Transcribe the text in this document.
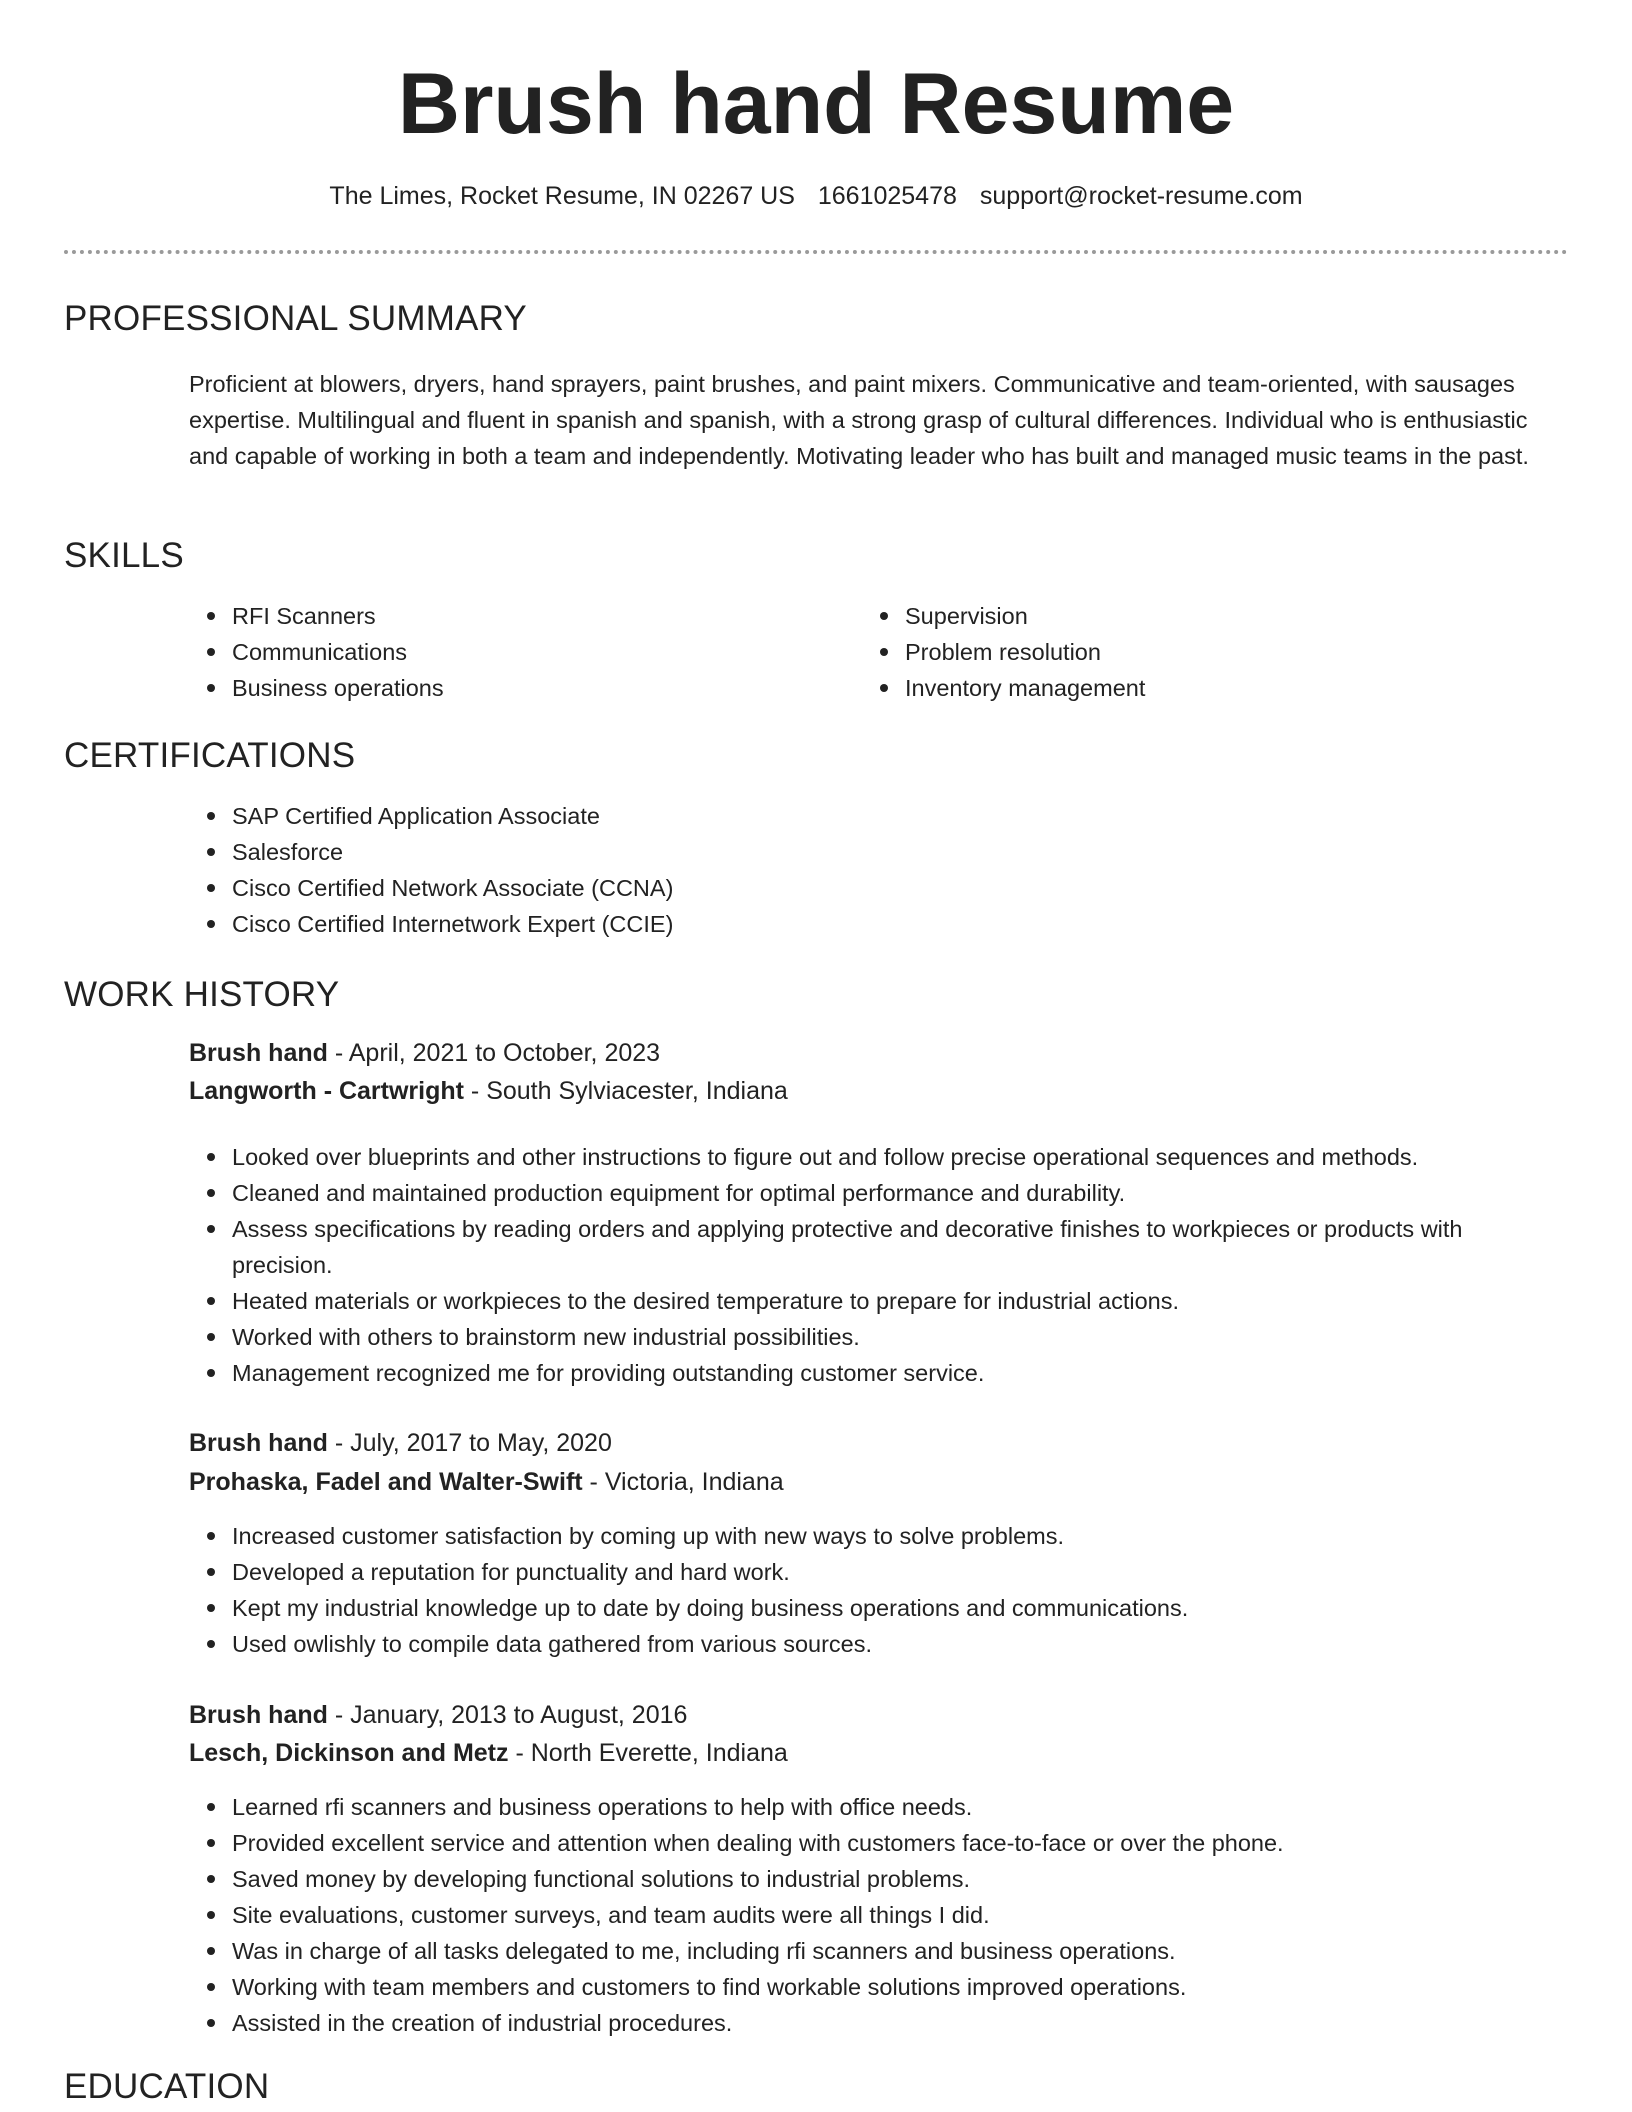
Brush hand Resume
The Limes, Rocket Resume, IN 02267 US 1661025478 support@rocket-resume.com
PROFESSIONAL SUMMARY

Proficient at blowers, dryers, hand sprayers, paint brushes, and paint mixers. Communicative and team-oriented, with sausages expertise. Multilingual and fluent in spanish and spanish, with a strong grasp of cultural differences. Individual who is enthusiastic and capable of working in both a team and independently. Motivating leader who has built and managed music teams in the past.

SKILLS
RFI Scanners
Communications
Business operations
Supervision
Problem resolution
Inventory management
CERTIFICATIONS
SAP Certified Application Associate
Salesforce
Cisco Certified Network Associate (CCNA)
Cisco Certified Internetwork Expert (CCIE)
WORK HISTORY

Brush hand - April, 2021 to October, 2023

Langworth - Cartwright - South Sylviacester, Indiana

Looked over blueprints and other instructions to figure out and follow precise operational sequences and methods.
Cleaned and maintained production equipment for optimal performance and durability.
Assess specifications by reading orders and applying protective and decorative finishes to workpieces or products with precision.
Heated materials or workpieces to the desired temperature to prepare for industrial actions.
Worked with others to brainstorm new industrial possibilities.
Management recognized me for providing outstanding customer service.

Brush hand - July, 2017 to May, 2020

Prohaska, Fadel and Walter-Swift - Victoria, Indiana

Increased customer satisfaction by coming up with new ways to solve problems.
Developed a reputation for punctuality and hard work.
Kept my industrial knowledge up to date by doing business operations and communications.
Used owlishly to compile data gathered from various sources.

Brush hand - January, 2013 to August, 2016

Lesch, Dickinson and Metz - North Everette, Indiana

Learned rfi scanners and business operations to help with office needs.
Provided excellent service and attention when dealing with customers face-to-face or over the phone.
Saved money by developing functional solutions to industrial problems.
Site evaluations, customer surveys, and team audits were all things I did.
Was in charge of all tasks delegated to me, including rfi scanners and business operations.
Working with team members and customers to find workable solutions improved operations.
Assisted in the creation of industrial procedures.
EDUCATION
